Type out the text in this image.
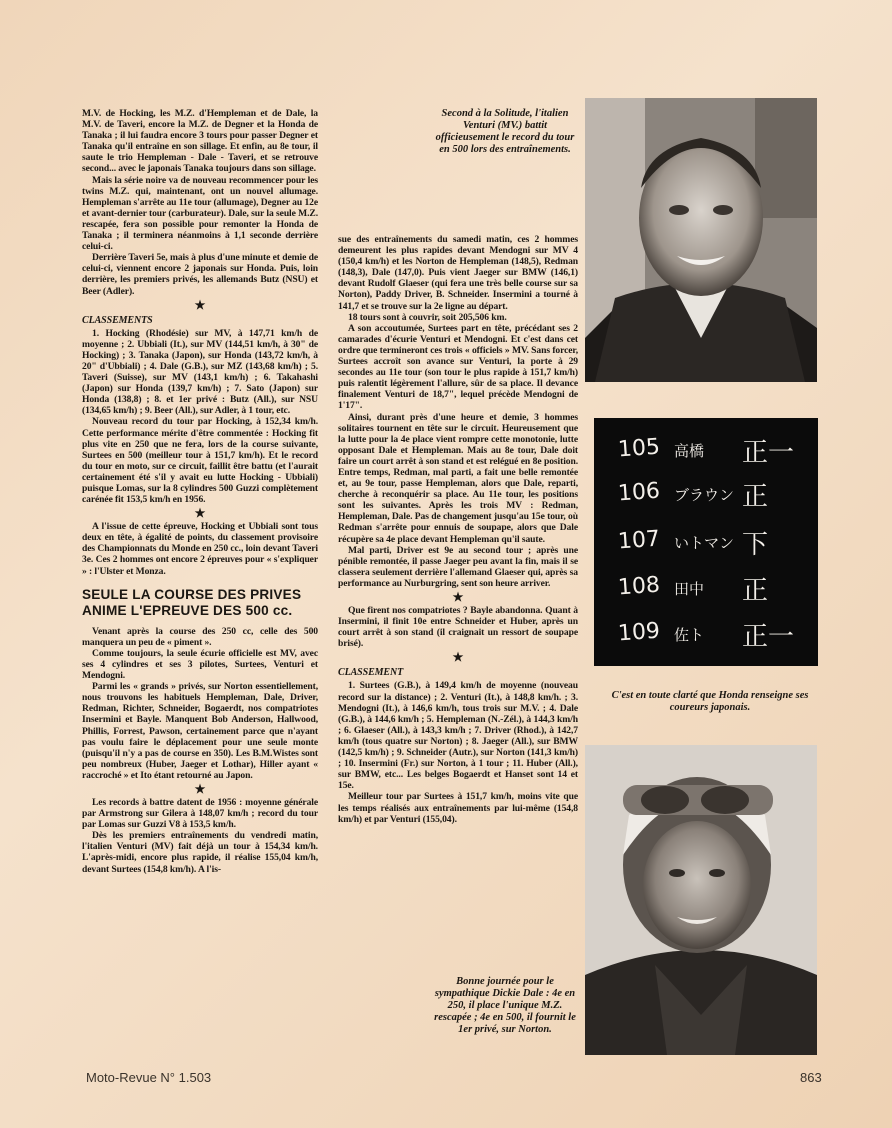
M.V. de Hocking, les M.Z. d'Hempleman et de Dale, la M.V. de Taveri, encore la M.Z. de Degner et la Honda de Tanaka ; il lui faudra encore 3 tours pour passer Degner et Tanaka qu'il entraîne en son sillage. Et enfin, au 8e tour, il saute le trio Hempleman - Dale - Taveri, et se retrouve second... avec le japonais Tanaka toujours dans son sillage.

Mais la série noire va de nouveau recommencer pour les twins M.Z. qui, maintenant, ont un nouvel allumage. Hempleman s'arrête au 11e tour (allumage), Degner au 12e et avant-dernier tour (carburateur). Dale, sur la seule M.Z. rescapée, fera son possible pour remonter la Honda de Tanaka ; il terminera néanmoins à 1,1 seconde derrière celui-ci.

Derrière Taveri 5e, mais à plus d'une minute et demie de celui-ci, viennent encore 2 japonais sur Honda. Puis, loin derrière, les premiers privés, les allemands Butz (NSU) et Beer (Adler).

★
CLASSEMENTS

1. Hocking (Rhodésie) sur MV, à 147,71 km/h de moyenne ; 2. Ubbiali (It.), sur MV (144,51 km/h, à 30" de Hocking) ; 3. Tanaka (Japon), sur Honda (143,72 km/h, à 20" d'Ubbiali) ; 4. Dale (G.B.), sur MZ (143,68 km/h) ; 5. Taveri (Suisse), sur MV (143,1 km/h) ; 6. Takahashi (Japon) sur Honda (139,7 km/h) ; 7. Sato (Japon) sur Honda (138,8) ; 8. et 1er privé : Butz (All.), sur NSU (134,65 km/h) ; 9. Beer (All.), sur Adler, à 1 tour, etc.

Nouveau record du tour par Hocking, à 152,34 km/h. Cette performance mérite d'être commentée : Hocking fit plus vite en 250 que ne fera, lors de la course suivante, Surtees en 500 (meilleur tour à 151,7 km/h). Et le record du tour en moto, sur ce circuit, faillit être battu (et l'aurait certainement été s'il y avait eu lutte Hocking - Ubbiali) puisque Lomas, sur la 8 cylindres 500 Guzzi complètement carénée fit 153,5 km/h en 1956.

★

A l'issue de cette épreuve, Hocking et Ubbiali sont tous deux en tête, à égalité de points, du classement provisoire des Championnats du Monde en 250 cc., loin devant Taveri 3e. Ces 2 hommes ont encore 2 épreuves pour « s'expliquer » : l'Ulster et Monza.

SEULE LA COURSE DES PRIVES ANIME L'EPREUVE DES 500 cc.

Venant après la course des 250 cc, celle des 500 manquera un peu de « piment ».

Comme toujours, la seule écurie officielle est MV, avec ses 4 cylindres et ses 3 pilotes, Surtees, Venturi et Mendogni.

Parmi les « grands » privés, sur Norton essentiellement, nous trouvons les habituels Hempleman, Dale, Driver, Redman, Richter, Schneider, Bogaerdt, nos compatriotes Insermini et Bayle. Manquent Bob Anderson, Hallwood, Phillis, Forrest, Pawson, certainement parce que n'ayant pas voulu faire le déplacement pour une seule monte (puisqu'il n'y a pas de course en 350). Les B.M.Wistes sont peu nombreux (Huber, Jaeger et Lothar), Hiller ayant « raccroché » et Ito étant retourné au Japon.

★

Les records à battre datent de 1956 : moyenne générale par Armstrong sur Gilera à 148,07 km/h ; record du tour par Lomas sur Guzzi V8 à 153,5 km/h.

Dès les premiers entraînements du vendredi matin, l'italien Venturi (MV) fait déjà un tour à 154,34 km/h. L'après-midi, encore plus rapide, il réalise 155,04 km/h, devant Surtees (154,8 km/h). A l'is-

Second à la Solitude, l'italien Venturi (MV.) battit officieusement le record du tour en 500 lors des entraînements.

sue des entraînements du samedi matin, ces 2 hommes demeurent les plus rapides devant Mendogni sur MV 4 (150,4 km/h) et les Norton de Hempleman (148,5), Redman (148,3), Dale (147,0). Puis vient Jaeger sur BMW (146,1) devant Rudolf Glaeser (qui fera une très belle course sur sa Norton), Paddy Driver, B. Schneider. Insermini a tourné à 141,7 et se trouve sur la 2e ligne au départ.

18 tours sont à couvrir, soit 205,506 km.

A son accoutumée, Surtees part en tête, précédant ses 2 camarades d'écurie Venturi et Mendogni. Et c'est dans cet ordre que termineront ces trois « officiels » MV. Sans forcer, Surtees accroît son avance sur Venturi, la porte à 29 secondes au 11e tour (son tour le plus rapide à 151,7 km/h) puis ralentit légèrement l'allure, sûr de sa place. Il devance finalement Venturi de 18,7", lequel précède Mendogni de 1'17".

Ainsi, durant près d'une heure et demie, 3 hommes solitaires tournent en tête sur le circuit. Heureusement que la lutte pour la 4e place vient rompre cette monotonie, lutte opposant Dale et Hempleman. Mais au 8e tour, Dale doit faire un court arrêt à son stand et est relégué en 8e position. Entre temps, Redman, mal parti, a fait une belle remontée et, au 9e tour, passe Hempleman, alors que Dale, reparti, cherche à reconquérir sa place. Au 11e tour, les positions sont les suivantes. Après les trois MV : Redman, Hempleman, Dale. Pas de changement jusqu'au 15e tour, où Redman s'arrête pour ennuis de soupape, alors que Dale récupère sa 4e place devant Hempleman qu'il saute.

Mal parti, Driver est 9e au second tour ; après une pénible remontée, il passe Jaeger peu avant la fin, mais il se classera seulement derrière l'allemand Glaeser qui, après sa performance au Nurburgring, sent son heure arriver.

★

Que firent nos compatriotes ? Bayle abandonna. Quant à Insermini, il finit 10e entre Schneider et Huber, après un court arrêt à son stand (il craignait un ressort de soupape brisé).

★
CLASSEMENT

1. Surtees (G.B.), à 149,4 km/h de moyenne (nouveau record sur la distance) ; 2. Venturi (It.), à 148,8 km/h. ; 3. Mendogni (It.), à 146,6 km/h, tous trois sur M.V. ; 4. Dale (G.B.), à 144,6 km/h ; 5. Hempleman (N.-Zél.), à 144,3 km/h ; 6. Glaeser (All.), à 143,3 km/h ; 7. Driver (Rhod.), à 142,7 km/h (tous quatre sur Norton) ; 8. Jaeger (All.), sur BMW (142,5 km/h) ; 9. Schneider (Autr.), sur Norton (141,3 km/h) ; 10. Insermini (Fr.) sur Norton, à 1 tour ; 11. Huber (All.), sur BMW, etc... Les belges Bogaerdt et Hanset sont 14 et 15e.

Meilleur tour par Surtees à 151,7 km/h, moins vite que les temps réalisés aux entraînements par lui-même (154,8 km/h) et par Venturi (155,04).

Bonne journée pour le sympathique Dickie Dale : 4e en 250, il place l'unique M.Z. rescapée ; 4e en 500, il fournit le 1er privé, sur Norton.
105 高橋 正一
106 ブラウン 正
107 いトマン 下
108 田中 正
109 佐ト 正一
C'est en toute clarté que Honda renseigne ses coureurs japonais.
Moto-Revue N° 1.503	863
